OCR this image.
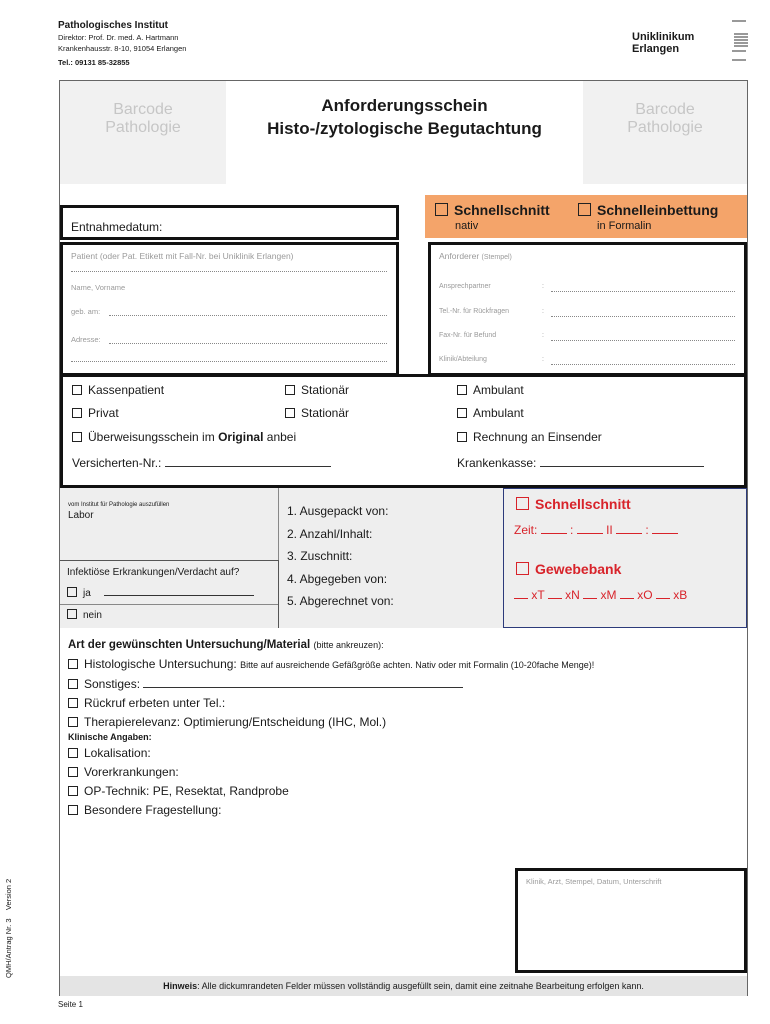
Pathologisches Institut
Direktor: Prof. Dr. med. A. Hartmann
Krankenhausstr. 8-10, 91054 Erlangen
Tel.: 09131 85-32855
Uniklinikum
Erlangen
Barcode
Pathologie
Barcode
Pathologie
Anforderungsschein
Histo-/zytologische Begutachtung
Entnahmedatum:
Schnellschnitt
nativ
Schnelleinbettung
in Formalin
Patient (oder Pat. Etikett mit Fall-Nr. bei Uniklinik Erlangen)
Name, Vorname
geb. am:
Adresse:
Anforderer (Stempel)
Ansprechpartner	:
Tel.-Nr. für Rückfragen	:
Fax-Nr. für Befund	:
Klinik/Abteilung	:
Kassenpatient	Stationär	Ambulant
Privat	Stationär	Ambulant
Überweisungsschein im Original anbei	Rechnung an Einsender
Versicherten-Nr.:	Krankenkasse:
vom Institut für Pathologie auszufüllen
Labor
Infektiöse Erkrankungen/Verdacht auf?
ja
nein
1. Ausgepackt von:
2. Anzahl/Inhalt:
3. Zuschnitt:
4. Abgegeben von:
5. Abgerechnet von:
Schnellschnitt
Zeit:	:	II	:
Gewebebank
xT xN xM xO xB
Art der gewünschten Untersuchung/Material (bitte ankreuzen):
Histologische Untersuchung: Bitte auf ausreichende Gefäßgröße achten. Nativ oder mit Formalin (10-20fache Menge)!
Sonstiges:
Rückruf erbeten unter Tel.:
Therapierelevanz: Optimierung/Entscheidung (IHC, Mol.)
Klinische Angaben:
Lokalisation:
Vorerkrankungen:
OP-Technik: PE, Resektat, Randprobe
Besondere Fragestellung:
Klinik, Arzt, Stempel, Datum, Unterschrift
QMH/Antrag Nr. 3    Version 2
Hinweis: Alle dickumrandeten Felder müssen vollständig ausgefüllt sein, damit eine zeitnahe Bearbeitung erfolgen kann.
Seite 1
